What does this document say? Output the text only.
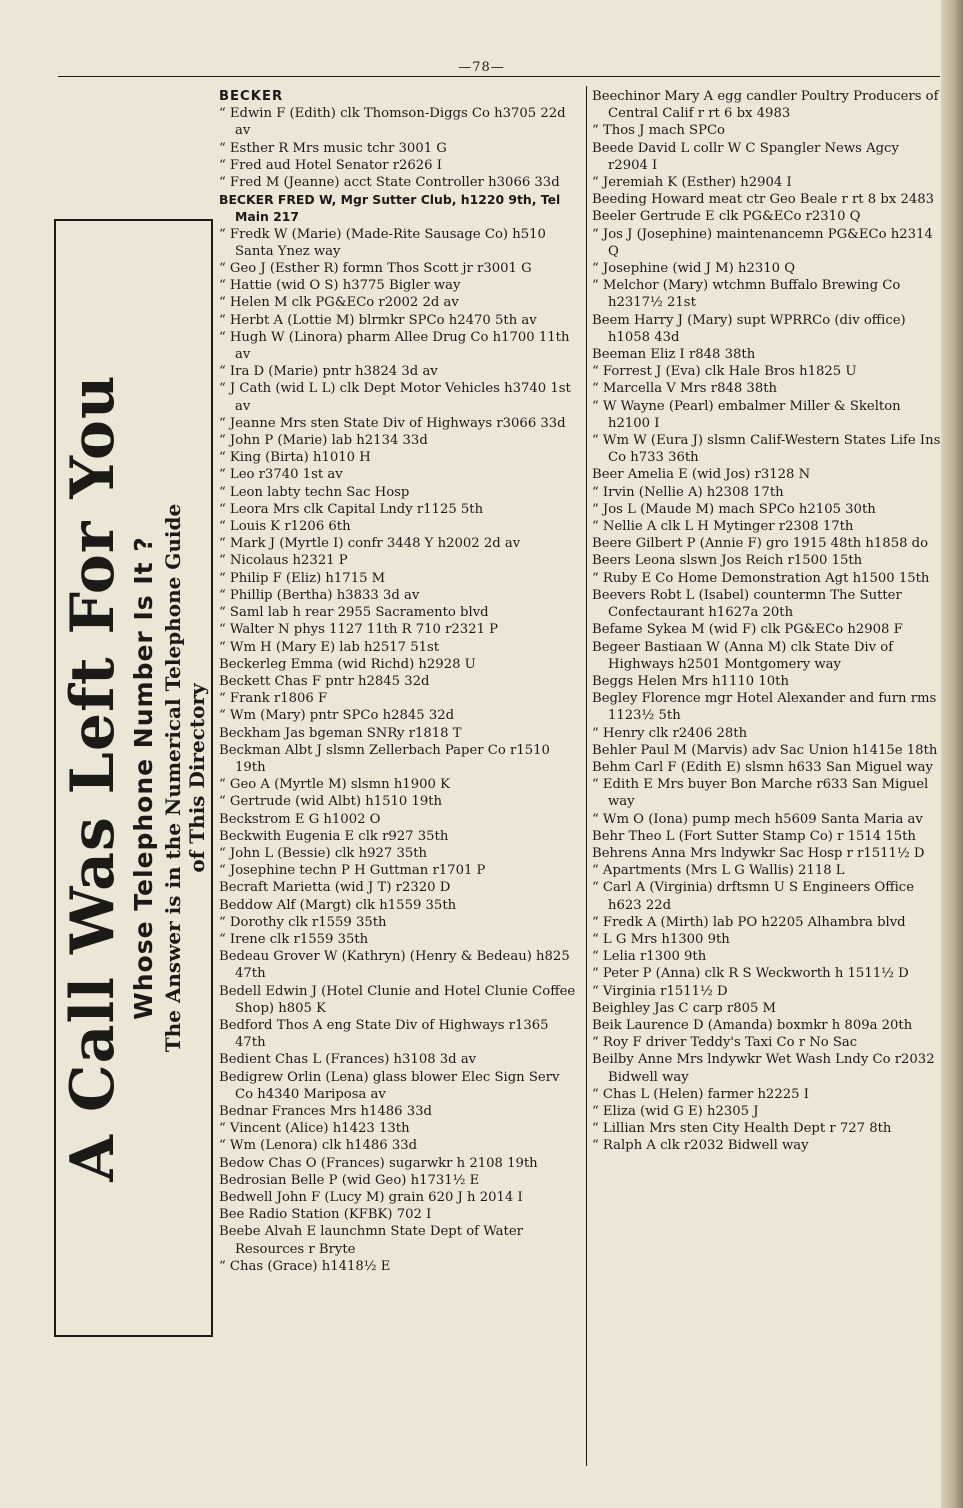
—78—
A Call Was Left For You Whose Telephone Number Is It ? The Answer is in the Numerical Telephone Guide of This Directory
BECKER
“ Edwin F (Edith) clk Thomson-Diggs Co h3705 22d av
“ Esther R Mrs music tchr 3001 G
“ Fred aud Hotel Senator r2626 I
“ Fred M (Jeanne) acct State Controller h3066 33d
BECKER FRED W, Mgr Sutter Club, h1220 9th, Tel Main 217
“ Fredk W (Marie) (Made-Rite Sausage Co) h510 Santa Ynez way
“ Geo J (Esther R) formn Thos Scott jr r3001 G
“ Hattie (wid O S) h3775 Bigler way
“ Helen M clk PG&ECo r2002 2d av
“ Herbt A (Lottie M) blrmkr SPCo h2470 5th av
“ Hugh W (Linora) pharm Allee Drug Co h1700 11th av
“ Ira D (Marie) pntr h3824 3d av
“ J Cath (wid L L) clk Dept Motor Vehicles h3740 1st av
“ Jeanne Mrs sten State Div of Highways r3066 33d
“ John P (Marie) lab h2134 33d
“ King (Birta) h1010 H
“ Leo r3740 1st av
“ Leon labty techn Sac Hosp
“ Leora Mrs clk Capital Lndy r1125 5th
“ Louis K r1206 6th
“ Mark J (Myrtle I) confr 3448 Y h2002 2d av
“ Nicolaus h2321 P
“ Philip F (Eliz) h1715 M
“ Phillip (Bertha) h3833 3d av
“ Saml lab h rear 2955 Sacramento blvd
“ Walter N phys 1127 11th R 710 r2321 P
“ Wm H (Mary E) lab h2517 51st
Beckerleg Emma (wid Richd) h2928 U
Beckett Chas F pntr h2845 32d
“ Frank r1806 F
“ Wm (Mary) pntr SPCo h2845 32d
Beckham Jas bgeman SNRy r1818 T
Beckman Albt J slsmn Zellerbach Paper Co r1510 19th
“ Geo A (Myrtle M) slsmn h1900 K
“ Gertrude (wid Albt) h1510 19th
Beckstrom E G h1002 O
Beckwith Eugenia E clk r927 35th
“ John L (Bessie) clk h927 35th
“ Josephine techn P H Guttman r1701 P
Becraft Marietta (wid J T) r2320 D
Beddow Alf (Margt) clk h1559 35th
“ Dorothy clk r1559 35th
“ Irene clk r1559 35th
Bedeau Grover W (Kathryn) (Henry & Bedeau) h825 47th
Bedell Edwin J (Hotel Clunie and Hotel Clunie Coffee Shop) h805 K
Bedford Thos A eng State Div of Highways r1365 47th
Bedient Chas L (Frances) h3108 3d av
Bedigrew Orlin (Lena) glass blower Elec Sign Serv Co h4340 Mariposa av
Bednar Frances Mrs h1486 33d
“ Vincent (Alice) h1423 13th
“ Wm (Lenora) clk h1486 33d
Bedow Chas O (Frances) sugarwkr h 2108 19th
Bedrosian Belle P (wid Geo) h1731½ E
Bedwell John F (Lucy M) grain 620 J h 2014 I
Bee Radio Station (KFBK) 702 I
Beebe Alvah E launchmn State Dept of Water Resources r Bryte
“ Chas (Grace) h1418½ E
Beechinor Mary A egg candler Poultry Producers of Central Calif r rt 6 bx 4983
“ Thos J mach SPCo
Beede David L collr W C Spangler News Agcy r2904 I
“ Jeremiah K (Esther) h2904 I
Beeding Howard meat ctr Geo Beale r rt 8 bx 2483
Beeler Gertrude E clk PG&ECo r2310 Q
“ Jos J (Josephine) maintenancemn PG&ECo h2314 Q
“ Josephine (wid J M) h2310 Q
“ Melchor (Mary) wtchmn Buffalo Brewing Co h2317½ 21st
Beem Harry J (Mary) supt WPRRCo (div office) h1058 43d
Beeman Eliz I r848 38th
“ Forrest J (Eva) clk Hale Bros h1825 U
“ Marcella V Mrs r848 38th
“ W Wayne (Pearl) embalmer Miller & Skelton h2100 I
“ Wm W (Eura J) slsmn Calif-Western States Life Ins Co h733 36th
Beer Amelia E (wid Jos) r3128 N
“ Irvin (Nellie A) h2308 17th
“ Jos L (Maude M) mach SPCo h2105 30th
“ Nellie A clk L H Mytinger r2308 17th
Beere Gilbert P (Annie F) gro 1915 48th h1858 do
Beers Leona slswn Jos Reich r1500 15th
“ Ruby E Co Home Demonstration Agt h1500 15th
Beevers Robt L (Isabel) countermn The Sutter Confectaurant h1627a 20th
Befame Sykea M (wid F) clk PG&ECo h2908 F
Begeer Bastiaan W (Anna M) clk State Div of Highways h2501 Montgomery way
Beggs Helen Mrs h1110 10th
Begley Florence mgr Hotel Alexander and furn rms 1123½ 5th
“ Henry clk r2406 28th
Behler Paul M (Marvis) adv Sac Union h1415e 18th
Behm Carl F (Edith E) slsmn h633 San Miguel way
“ Edith E Mrs buyer Bon Marche r633 San Miguel way
“ Wm O (Iona) pump mech h5609 Santa Maria av
Behr Theo L (Fort Sutter Stamp Co) r 1514 15th
Behrens Anna Mrs lndywkr Sac Hosp r r1511½ D
“ Apartments (Mrs L G Wallis) 2118 L
“ Carl A (Virginia) drftsmn U S Engineers Office h623 22d
“ Fredk A (Mirth) lab PO h2205 Alhambra blvd
“ L G Mrs h1300 9th
“ Lelia r1300 9th
“ Peter P (Anna) clk R S Weckworth h 1511½ D
“ Virginia r1511½ D
Beighley Jas C carp r805 M
Beik Laurence D (Amanda) boxmkr h 809a 20th
“ Roy F driver Teddy's Taxi Co r No Sac
Beilby Anne Mrs lndywkr Wet Wash Lndy Co r2032 Bidwell way
“ Chas L (Helen) farmer h2225 I
“ Eliza (wid G E) h2305 J
“ Lillian Mrs sten City Health Dept r 727 8th
“ Ralph A clk r2032 Bidwell way
